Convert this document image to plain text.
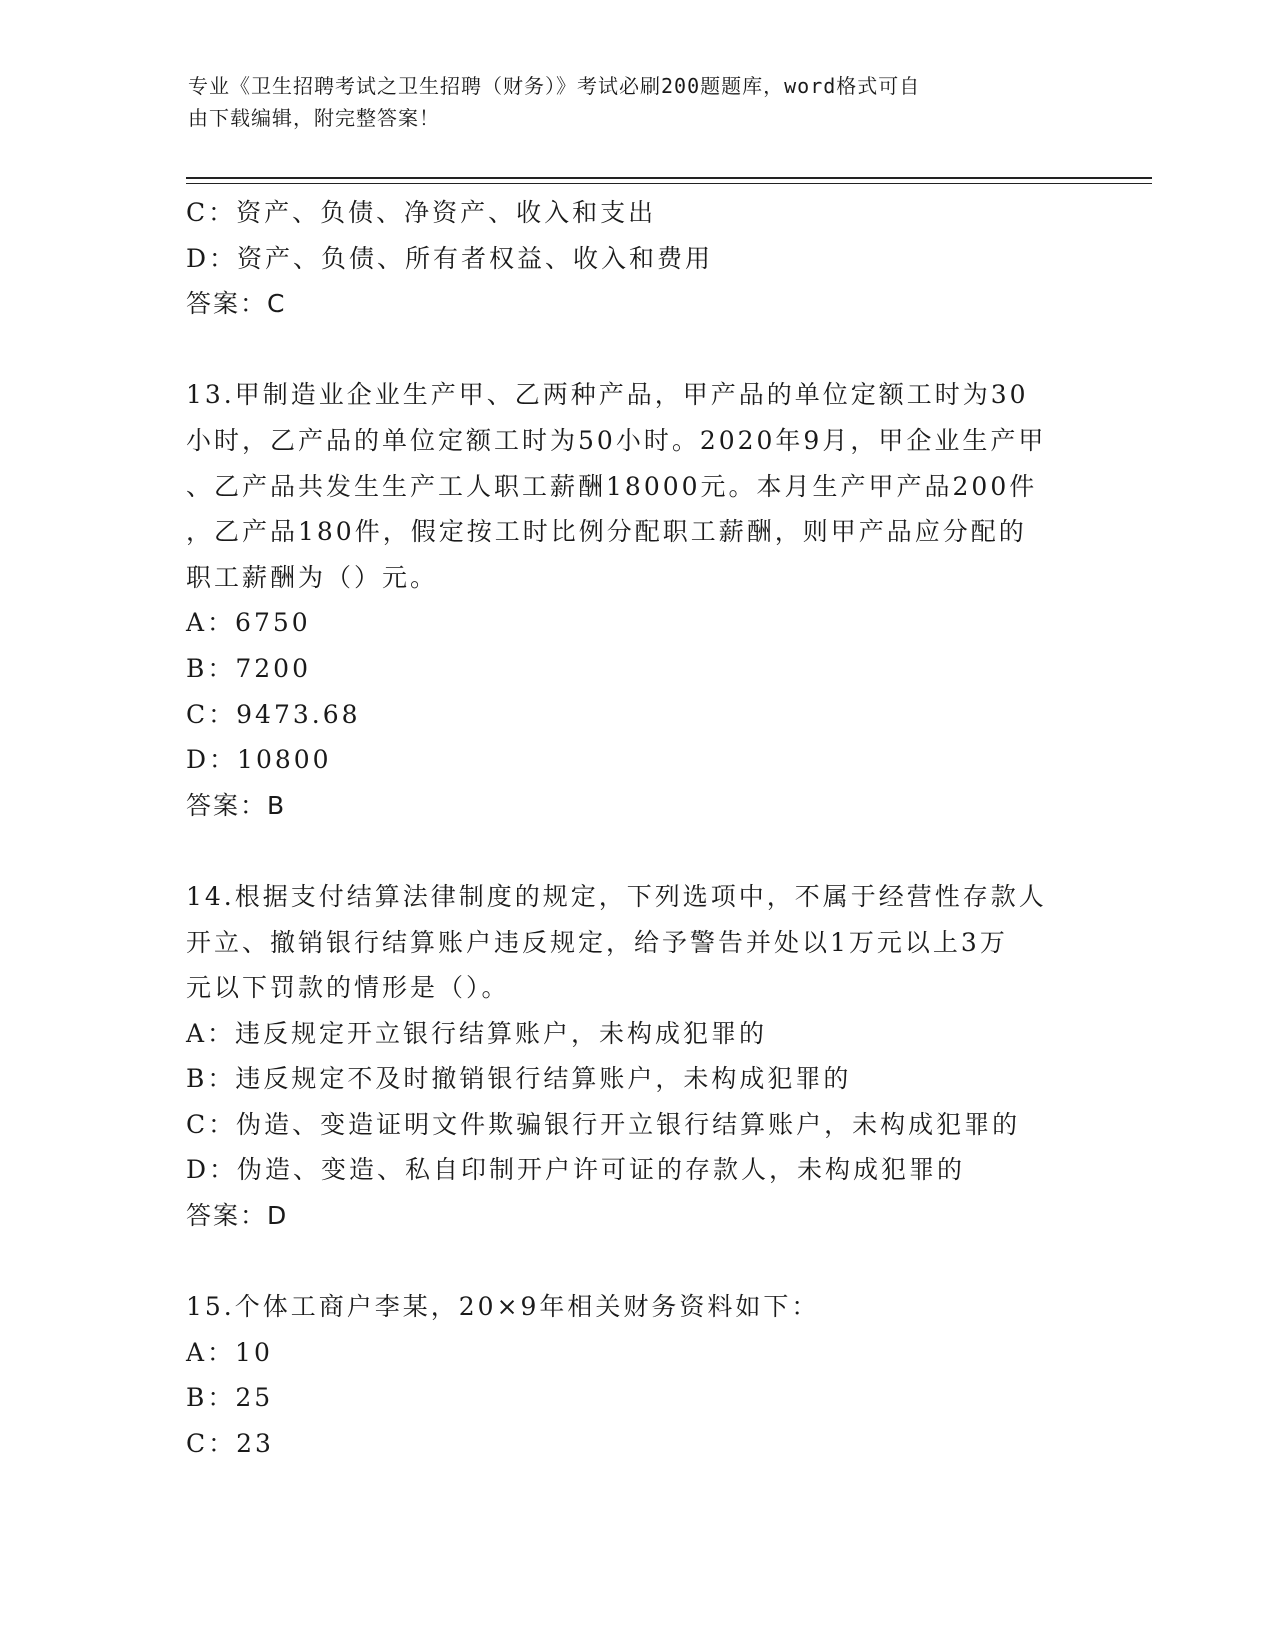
专业《卫生招聘考试之卫生招聘（财务）》考试必刷200题题库，word格式可自
由下载编辑，附完整答案！
C：资产、负债、净资产、收入和支出
D：资产、负债、所有者权益、收入和费用
答案：C
13.甲制造业企业生产甲、乙两种产品，甲产品的单位定额工时为30
小时，乙产品的单位定额工时为50小时。2020年9月，甲企业生产甲
、乙产品共发生生产工人职工薪酬18000元。本月生产甲产品200件
，乙产品180件，假定按工时比例分配职工薪酬，则甲产品应分配的
职工薪酬为（）元。
A：6750
B：7200
C：9473.68
D：10800
答案：B
14.根据支付结算法律制度的规定，下列选项中，不属于经营性存款人
开立、撤销银行结算账户违反规定，给予警告并处以1万元以上3万
元以下罚款的情形是（）。
A：违反规定开立银行结算账户，未构成犯罪的
B：违反规定不及时撤销银行结算账户，未构成犯罪的
C：伪造、变造证明文件欺骗银行开立银行结算账户，未构成犯罪的
D：伪造、变造、私自印制开户许可证的存款人，未构成犯罪的
答案：D
15.个体工商户李某，20×9年相关财务资料如下：
A：10
B：25
C：23
